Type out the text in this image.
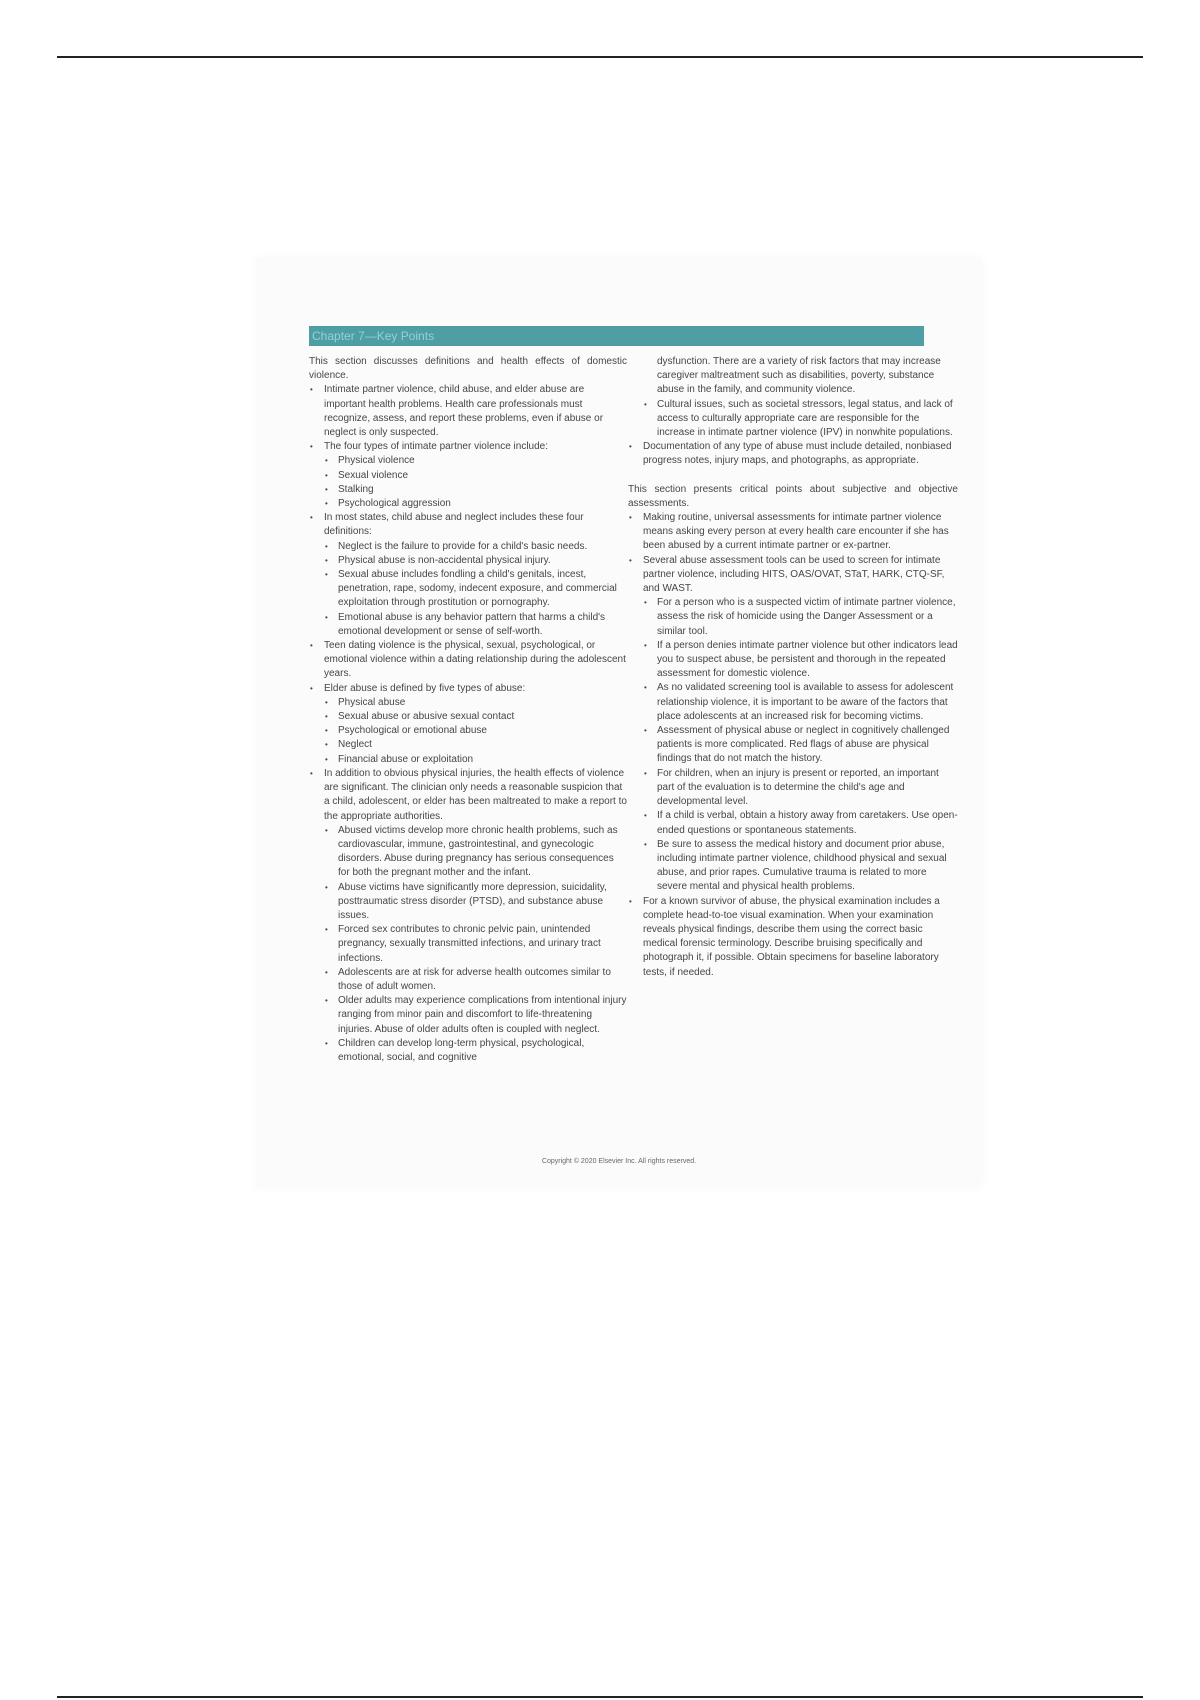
Chapter 7—Key Points

This section discusses definitions and health effects of domestic violence.

• Intimate partner violence, child abuse, and elder abuse are important health problems. Health care professionals must recognize, assess, and report these problems, even if abuse or neglect is only suspected.
• The four types of intimate partner violence include:
• Physical violence
• Sexual violence
• Stalking
• Psychological aggression
• In most states, child abuse and neglect includes these four definitions:
• Neglect is the failure to provide for a child's basic needs.
• Physical abuse is non-accidental physical injury.
• Sexual abuse includes fondling a child's genitals, incest, penetration, rape, sodomy, indecent exposure, and commercial exploitation through prostitution or pornography.
• Emotional abuse is any behavior pattern that harms a child's emotional development or sense of self-worth.
• Teen dating violence is the physical, sexual, psychological, or emotional violence within a dating relationship during the adolescent years.
• Elder abuse is defined by five types of abuse:
• Physical abuse
• Sexual abuse or abusive sexual contact
• Psychological or emotional abuse
• Neglect
• Financial abuse or exploitation
• In addition to obvious physical injuries, the health effects of violence are significant. The clinician only needs a reasonable suspicion that a child, adolescent, or elder has been maltreated to make a report to the appropriate authorities.
• Abused victims develop more chronic health problems, such as cardiovascular, immune, gastrointestinal, and gynecologic disorders. Abuse during pregnancy has serious consequences for both the pregnant mother and the infant.
• Abuse victims have significantly more depression, suicidality, posttraumatic stress disorder (PTSD), and substance abuse issues.
• Forced sex contributes to chronic pelvic pain, unintended pregnancy, sexually transmitted infections, and urinary tract infections.
• Adolescents are at risk for adverse health outcomes similar to those of adult women.
• Older adults may experience complications from intentional injury ranging from minor pain and discomfort to life-threatening injuries. Abuse of older adults often is coupled with neglect.
• Children can develop long-term physical, psychological, emotional, social, and cognitive
dysfunction. There are a variety of risk factors that may increase caregiver maltreatment such as disabilities, poverty, substance abuse in the family, and community violence.
• Cultural issues, such as societal stressors, legal status, and lack of access to culturally appropriate care are responsible for the increase in intimate partner violence (IPV) in nonwhite populations.
• Documentation of any type of abuse must include detailed, nonbiased progress notes, injury maps, and photographs, as appropriate.

This section presents critical points about subjective and objective assessments.

• Making routine, universal assessments for intimate partner violence means asking every person at every health care encounter if she has been abused by a current intimate partner or ex-partner.
• Several abuse assessment tools can be used to screen for intimate partner violence, including HITS, OAS/OVAT, STaT, HARK, CTQ-SF, and WAST.
• For a person who is a suspected victim of intimate partner violence, assess the risk of homicide using the Danger Assessment or a similar tool.
• If a person denies intimate partner violence but other indicators lead you to suspect abuse, be persistent and thorough in the repeated assessment for domestic violence.
• As no validated screening tool is available to assess for adolescent relationship violence, it is important to be aware of the factors that place adolescents at an increased risk for becoming victims.
• Assessment of physical abuse or neglect in cognitively challenged patients is more complicated. Red flags of abuse are physical findings that do not match the history.
• For children, when an injury is present or reported, an important part of the evaluation is to determine the child's age and developmental level.
• If a child is verbal, obtain a history away from caretakers. Use open-ended questions or spontaneous statements.
• Be sure to assess the medical history and document prior abuse, including intimate partner violence, childhood physical and sexual abuse, and prior rapes. Cumulative trauma is related to more severe mental and physical health problems.
• For a known survivor of abuse, the physical examination includes a complete head-to-toe visual examination. When your examination reveals physical findings, describe them using the correct basic medical forensic terminology. Describe bruising specifically and photograph it, if possible. Obtain specimens for baseline laboratory tests, if needed.
Copyright © 2020 Elsevier Inc. All rights reserved.
